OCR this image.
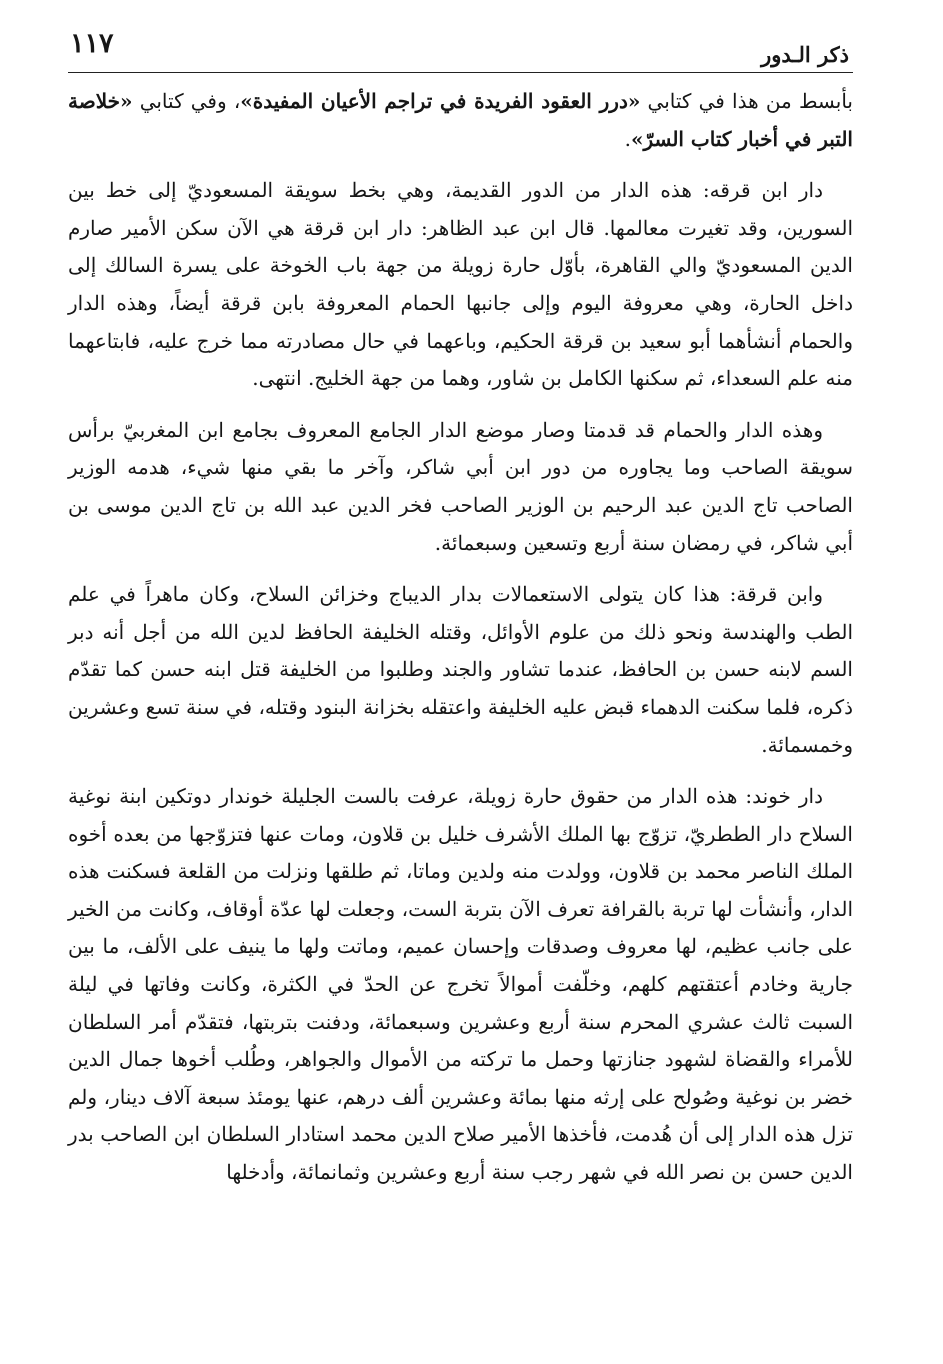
ذكر الـدور
١١٧

بأبسط من هذا في كتابي «درر العقود الفريدة في تراجم الأعيان المفيدة»، وفي كتابي «خلاصة التبر في أخبار كتاب السرّ».

دار ابن قرقه: هذه الدار من الدور القديمة، وهي بخط سويقة المسعوديّ إلى خط بين السورين، وقد تغيرت معالمها. قال ابن عبد الظاهر: دار ابن قرقة هي الآن سكن الأمير صارم الدين المسعوديّ والي القاهرة، بأوّل حارة زويلة من جهة باب الخوخة على يسرة السالك إلى داخل الحارة، وهي معروفة اليوم وإلى جانبها الحمام المعروفة بابن قرقة أيضاً، وهذه الدار والحمام أنشأهما أبو سعيد بن قرقة الحكيم، وباعهما في حال مصادرته مما خرج عليه، فابتاعهما منه علم السعداء، ثم سكنها الكامل بن شاور، وهما من جهة الخليج. انتهى.

وهذه الدار والحمام قد قدمتا وصار موضع الدار الجامع المعروف بجامع ابن المغربيّ برأس سويقة الصاحب وما يجاوره من دور ابن أبي شاكر، وآخر ما بقي منها شيء، هدمه الوزير الصاحب تاج الدين عبد الرحيم بن الوزير الصاحب فخر الدين عبد الله بن تاج الدين موسى بن أبي شاكر، في رمضان سنة أربع وتسعين وسبعمائة.

وابن قرقة: هذا كان يتولى الاستعمالات بدار الديباج وخزائن السلاح، وكان ماهراً في علم الطب والهندسة ونحو ذلك من علوم الأوائل، وقتله الخليفة الحافظ لدين الله من أجل أنه دبر السم لابنه حسن بن الحافظ، عندما تشاور والجند وطلبوا من الخليفة قتل ابنه حسن كما تقدّم ذكره، فلما سكنت الدهماء قبض عليه الخليفة واعتقله بخزانة البنود وقتله، في سنة تسع وعشرين وخمسمائة.

دار خوند: هذه الدار من حقوق حارة زويلة، عرفت بالست الجليلة خوندار دوتكين ابنة نوغية السلاح دار الططريّ، تزوّج بها الملك الأشرف خليل بن قلاون، ومات عنها فتزوّجها من بعده أخوه الملك الناصر محمد بن قلاون، وولدت منه ولدين وماتا، ثم طلقها ونزلت من القلعة فسكنت هذه الدار، وأنشأت لها تربة بالقرافة تعرف الآن بتربة الست، وجعلت لها عدّة أوقاف، وكانت من الخير على جانب عظيم، لها معروف وصدقات وإحسان عميم، وماتت ولها ما ينيف على الألف، ما بين جارية وخادم أعتقتهم كلهم، وخلّفت أموالاً تخرج عن الحدّ في الكثرة، وكانت وفاتها في ليلة السبت ثالث عشري المحرم سنة أربع وعشرين وسبعمائة، ودفنت بتربتها، فتقدّم أمر السلطان للأمراء والقضاة لشهود جنازتها وحمل ما تركته من الأموال والجواهر، وطُلب أخوها جمال الدين خضر بن نوغية وصُولح على إرثه منها بمائة وعشرين ألف درهم، عنها يومئذ سبعة آلاف دينار، ولم تزل هذه الدار إلى أن هُدمت، فأخذها الأمير صلاح الدين محمد استادار السلطان ابن الصاحب بدر الدين حسن بن نصر الله في شهر رجب سنة أربع وعشرين وثمانمائة، وأدخلها
